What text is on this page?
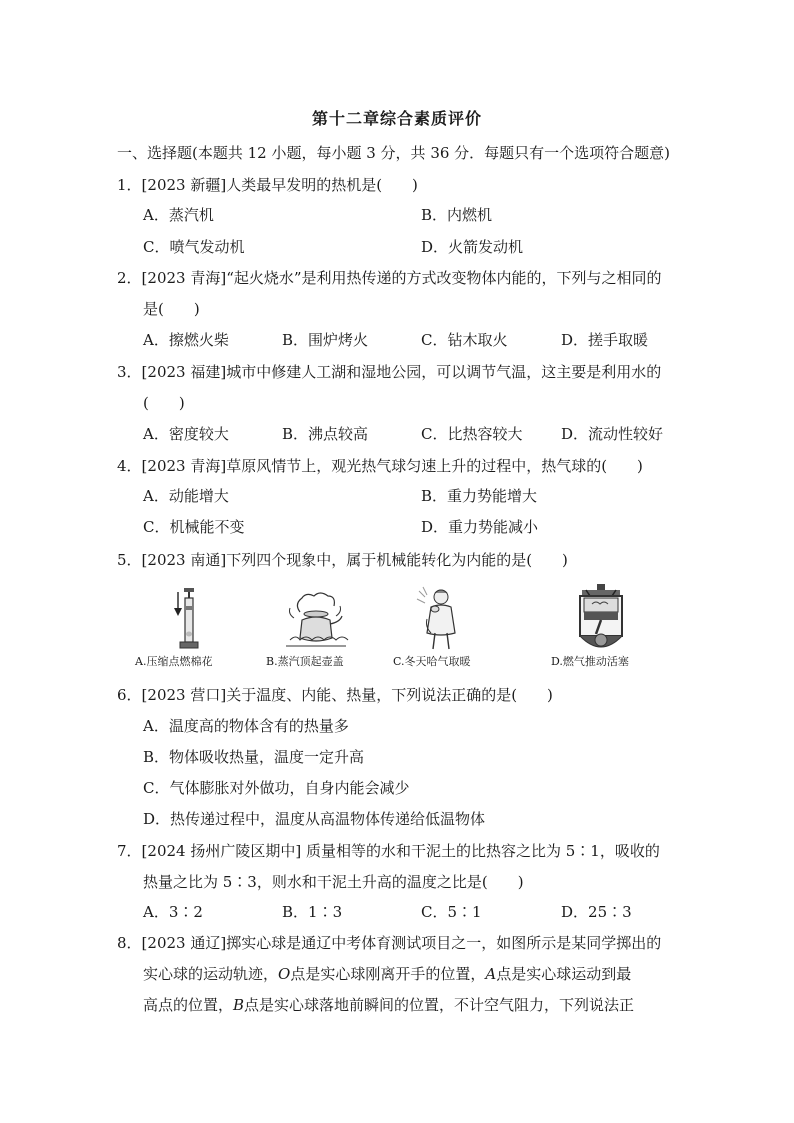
第十二章综合素质评价
一、选择题(本题共 12 小题，每小题 3 分，共 36 分．每题只有一个选项符合题意)
1．[2023 新疆]人类最早发明的热机是(　　)
A．蒸汽机	B．内燃机
C．喷气发动机	D．火箭发动机
2．[2023 青海]“起火烧水”是利用热传递的方式改变物体内能的，下列与之相同的
是(　　)
A．擦燃火柴	B．围炉烤火	C．钻木取火	D．搓手取暖
3．[2023 福建]城市中修建人工湖和湿地公园，可以调节气温，这主要是利用水的
(　　)
A．密度较大	B．沸点较高	C．比热容较大	D．流动性较好
4．[2023 青海]草原风情节上，观光热气球匀速上升的过程中，热气球的(　　)
A．动能增大	B．重力势能增大
C．机械能不变	D．重力势能减小
5．[2023 南通]下列四个现象中，属于机械能转化为内能的是(　　)
A.压缩点燃棉花	B.蒸汽顶起壶盖	C.冬天哈气取暖	D.燃气推动活塞
6．[2023 营口]关于温度、内能、热量，下列说法正确的是(　　)
A．温度高的物体含有的热量多
B．物体吸收热量，温度一定升高
C．气体膨胀对外做功，自身内能会减少
D．热传递过程中，温度从高温物体传递给低温物体
7．[2024 扬州广陵区期中] 质量相等的水和干泥土的比热容之比为 5∶1，吸收的
热量之比为 5∶3，则水和干泥土升高的温度之比是(　　)
A．3∶2	B．1∶3	C．5∶1	D．25∶3
8．[2023 通辽]掷实心球是通辽中考体育测试项目之一，如图所示是某同学掷出的
实心球的运动轨迹，O点是实心球刚离开手的位置，A点是实心球运动到最
高点的位置，B点是实心球落地前瞬间的位置，不计空气阻力，下列说法正
